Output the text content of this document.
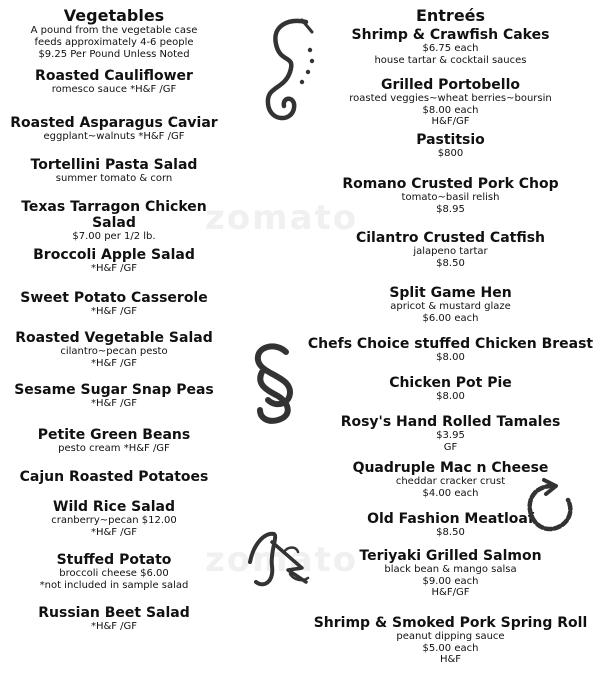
zomato
zomato
Vegetables

A pound from the vegetable case

feeds approximately 4-6 people

$9.25 Per Pound Unless Noted

Roasted Cauliflower
romesco sauce *H&F /GF
Roasted Asparagus Caviar
eggplant~walnuts *H&F /GF
Tortellini Pasta Salad
summer tomato & corn
Texas Tarragon Chicken Salad
$7.00 per 1/2 lb.
Broccoli Apple Salad
*H&F /GF
Sweet Potato Casserole
*H&F /GF
Roasted Vegetable Salad
cilantro~pecan pesto
*H&F /GF
Sesame Sugar Snap Peas
*H&F /GF
Petite Green Beans
pesto cream *H&F /GF
Cajun Roasted Potatoes
Wild Rice Salad
cranberry~pecan $12.00
*H&F /GF
Stuffed Potato
broccoli cheese $6.00
*not included in sample salad
Russian Beet Salad
*H&F /GF
Entreés
Shrimp & Crawfish Cakes
$6.75 each
house tartar & cocktail sauces
Grilled Portobello
roasted veggies~wheat berries~boursin
$8.00 each
H&F/GF
Pastitsio
$800
Romano Crusted Pork Chop
tomato~basil relish
$8.95
Cilantro Crusted Catfish
jalapeno tartar
$8.50
Split Game Hen
apricot & mustard glaze
$6.00 each
Chefs Choice stuffed Chicken Breast
$8.00
Chicken Pot Pie
$8.00
Rosy's Hand Rolled Tamales
$3.95
GF
Quadruple Mac n Cheese
cheddar cracker crust
$4.00 each
Old Fashion Meatloaf
$8.50
Teriyaki Grilled Salmon
black bean & mango salsa
$9.00 each
H&F/GF
Shrimp & Smoked Pork Spring Roll
peanut dipping sauce
$5.00 each
H&F
